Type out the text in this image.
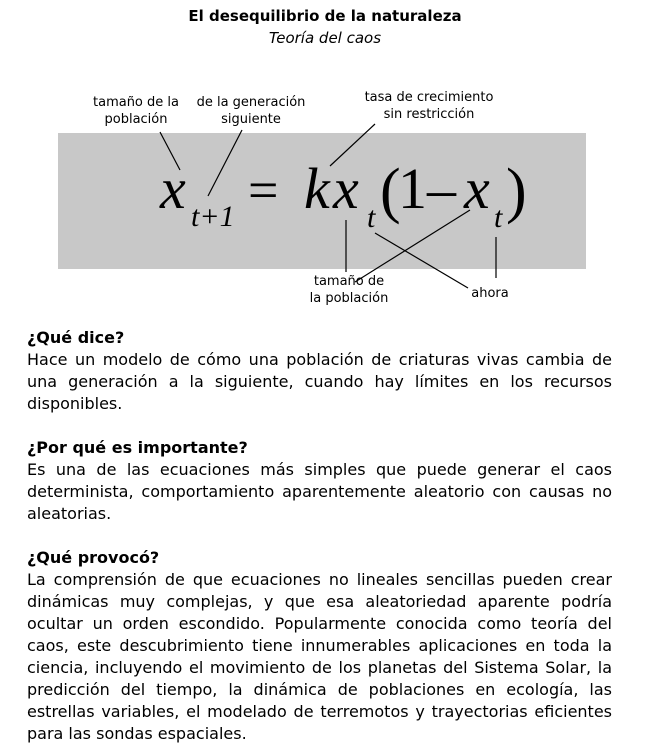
El desequilibrio de la naturaleza
Teoría del caos
tamaño de la
población
de la generación
siguiente
tasa de crecimiento
sin restricción
x t+1 = k x t (
1 – x t )
tamaño de
la población	ahora
¿Qué dice?

Hace un modelo de cómo una población de criaturas vivas cambia de una generación a la siguiente, cuando hay límites en los recursos disponibles.

¿Por qué es importante?

Es una de las ecuaciones más simples que puede generar el caos determinista, comportamiento aparentemente aleatorio con causas no aleatorias.

¿Qué provocó?

La comprensión de que ecuaciones no lineales sencillas pueden crear dinámicas muy complejas, y que esa aleatoriedad aparente podría ocultar un orden escondido. Popularmente conocida como teoría del caos, este descubrimiento tiene innumerables aplicaciones en toda la ciencia, incluyendo el movimiento de los planetas del Sistema Solar, la predicción del tiempo, la dinámica de poblaciones en ecología, las estrellas variables, el modelado de terremotos y trayectorias eficientes para las sondas espaciales.
